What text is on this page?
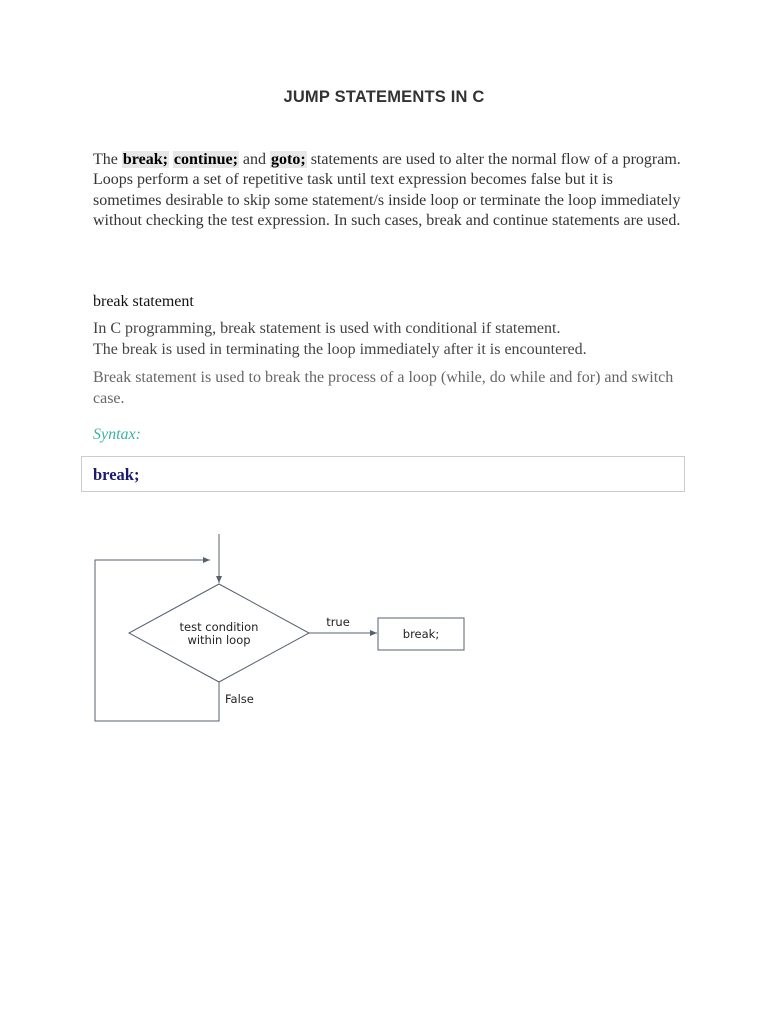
JUMP STATEMENTS IN C
The break; continue; and goto; statements are used to alter the normal flow of a program.
Loops perform a set of repetitive task until text expression becomes false but it is sometimes desirable to skip some statement/s inside loop or terminate the loop immediately without checking the test expression. In such cases, break and continue statements are used.
break statement
In C programming, break statement is used with conditional if statement.
The break is used in terminating the loop immediately after it is encountered.
Break statement is used to break the process of a loop (while, do while and for) and switch case.
Syntax:
break;
test condition
within loop
true
break;
False
